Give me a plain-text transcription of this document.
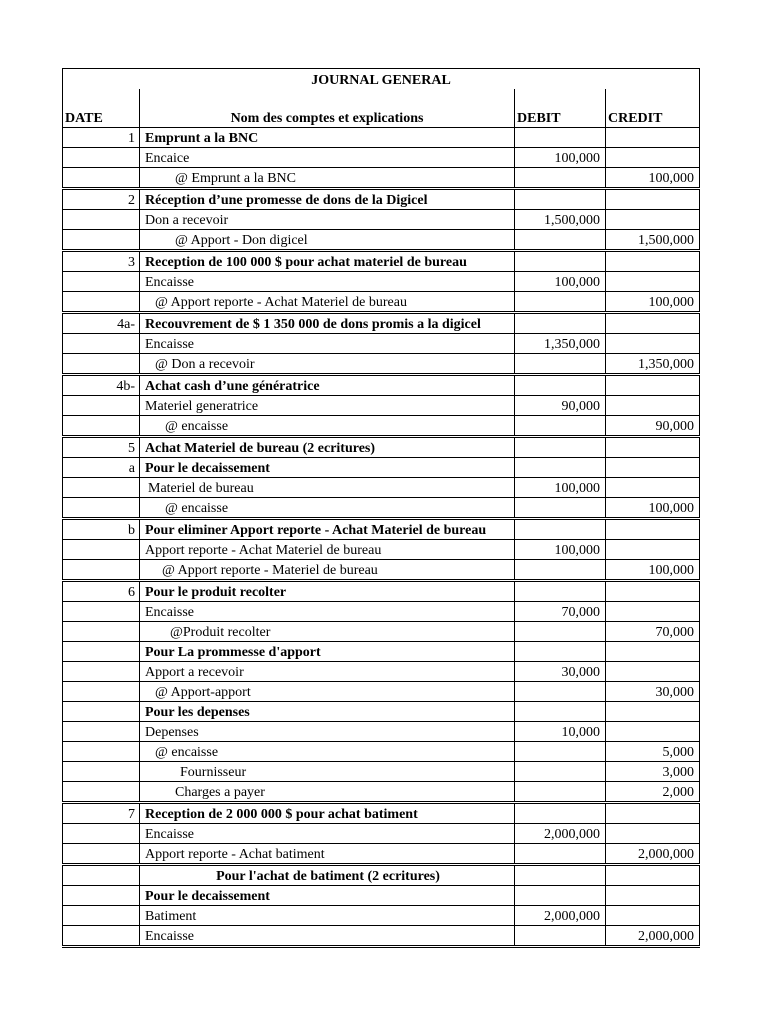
JOURNAL GENERAL			
DATE	Nom des comptes et explications	DEBIT	CREDIT
1	Emprunt a la BNC		
	Encaice	100,000	
	@ Emprunt a la BNC		100,000
2	Réception d’une promesse de dons de la Digicel		
	Don a recevoir	1,500,000	
	@ Apport - Don digicel		1,500,000
3	Reception de 100 000 $ pour achat materiel de bureau		
	Encaisse	100,000	
	@ Apport reporte - Achat Materiel de bureau		100,000
4a-	Recouvrement de $ 1 350 000 de dons promis a la digicel		
	Encaisse	1,350,000	
	@ Don a recevoir		1,350,000
4b-	Achat cash d’une génératrice		
	Materiel generatrice	90,000	
	@ encaisse		90,000
5	Achat Materiel de bureau (2 ecritures)		
a	Pour le decaissement		
	Materiel de bureau	100,000	
	@ encaisse		100,000
b	Pour eliminer Apport reporte - Achat Materiel de bureau		
	Apport reporte - Achat Materiel de bureau	100,000	
	@ Apport reporte - Materiel de bureau		100,000
6	Pour le produit recolter		
	Encaisse	70,000	
	@Produit recolter		70,000
	Pour La prommesse d'apport		
	Apport a recevoir	30,000	
	@ Apport-apport		30,000
	Pour les depenses		
	Depenses	10,000	
	@ encaisse		5,000
	Fournisseur		3,000
	Charges a payer		2,000
7	Reception de 2 000 000 $ pour achat batiment		
	Encaisse	2,000,000	
	Apport reporte - Achat batiment		2,000,000
	Pour l'achat de batiment (2 ecritures)		
	Pour le decaissement		
	Batiment	2,000,000	
	Encaisse		2,000,000
